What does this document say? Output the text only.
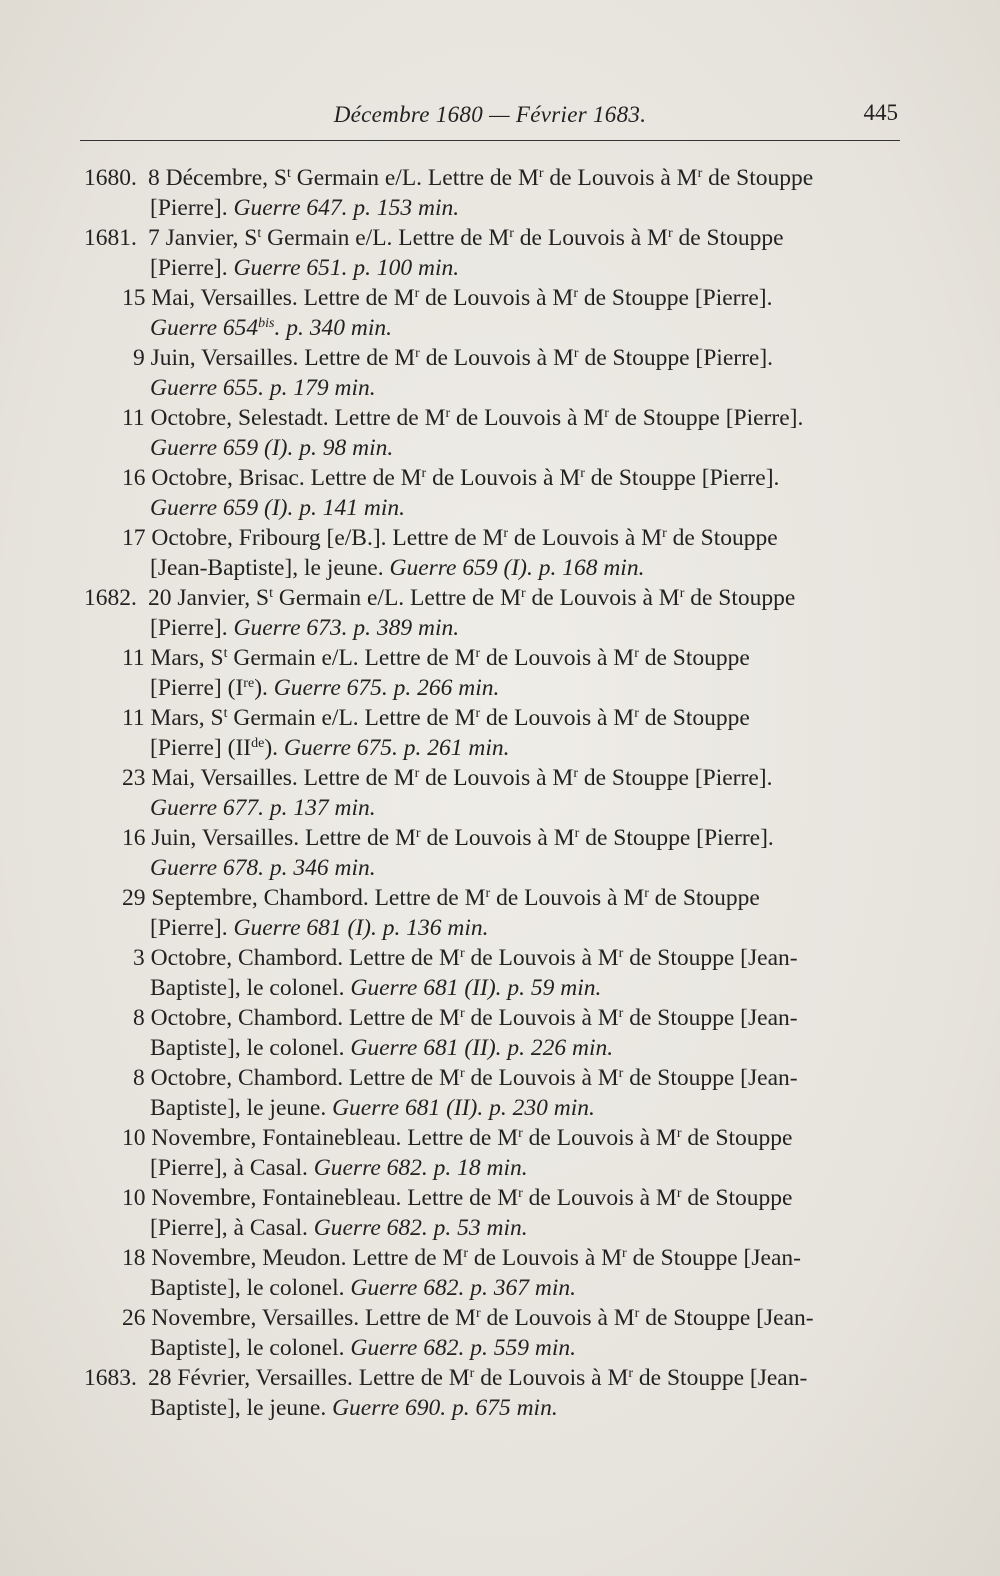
Décembre 1680 — Février 1683.	445
1680. 8 Décembre, $S^t$ Germain e/L. Lettre de $M^r$ de Louvois à $M^r$ de Stouppe
[Pierre]. Guerre 647. p. 153 min.
1681. 7 Janvier, $S^t$ Germain e/L. Lettre de $M^r$ de Louvois à $M^r$ de Stouppe
[Pierre]. Guerre 651. p. 100 min.
15 Mai, Versailles. Lettre de $M^r$ de Louvois à $M^r$ de Stouppe [Pierre].
Guerre $654^{bis}$. p. 340 min.
9 Juin, Versailles. Lettre de $M^r$ de Louvois à $M^r$ de Stouppe [Pierre].
Guerre 655. p. 179 min.
11 Octobre, Selestadt. Lettre de $M^r$ de Louvois à $M^r$ de Stouppe [Pierre].
Guerre 659 (I). p. 98 min.
16 Octobre, Brisac. Lettre de $M^r$ de Louvois à $M^r$ de Stouppe [Pierre].
Guerre 659 (I). p. 141 min.
17 Octobre, Fribourg [e/B.]. Lettre de $M^r$ de Louvois à $M^r$ de Stouppe
[Jean-Baptiste], le jeune. Guerre 659 (I). p. 168 min.
1682. 20 Janvier, $S^t$ Germain e/L. Lettre de $M^r$ de Louvois à $M^r$ de Stouppe
[Pierre]. Guerre 673. p. 389 min.
11 Mars, $S^t$ Germain e/L. Lettre de $M^r$ de Louvois à $M^r$ de Stouppe
[Pierre] (Ire). Guerre 675. p. 266 min.
11 Mars, $S^t$ Germain e/L. Lettre de $M^r$ de Louvois à $M^r$ de Stouppe
[Pierre] (IIde). Guerre 675. p. 261 min.
23 Mai, Versailles. Lettre de $M^r$ de Louvois à $M^r$ de Stouppe [Pierre].
Guerre 677. p. 137 min.
16 Juin, Versailles. Lettre de $M^r$ de Louvois à $M^r$ de Stouppe [Pierre].
Guerre 678. p. 346 min.
29 Septembre, Chambord. Lettre de $M^r$ de Louvois à $M^r$ de Stouppe
[Pierre]. Guerre 681 (I). p. 136 min.
3 Octobre, Chambord. Lettre de $M^r$ de Louvois à $M^r$ de Stouppe [Jean-
Baptiste], le colonel. Guerre 681 (II). p. 59 min.
8 Octobre, Chambord. Lettre de $M^r$ de Louvois à $M^r$ de Stouppe [Jean-
Baptiste], le colonel. Guerre 681 (II). p. 226 min.
8 Octobre, Chambord. Lettre de $M^r$ de Louvois à $M^r$ de Stouppe [Jean-
Baptiste], le jeune. Guerre 681 (II). p. 230 min.
10 Novembre, Fontainebleau. Lettre de $M^r$ de Louvois à $M^r$ de Stouppe
[Pierre], à Casal. Guerre 682. p. 18 min.
10 Novembre, Fontainebleau. Lettre de $M^r$ de Louvois à $M^r$ de Stouppe
[Pierre], à Casal. Guerre 682. p. 53 min.
18 Novembre, Meudon. Lettre de $M^r$ de Louvois à $M^r$ de Stouppe [Jean-
Baptiste], le colonel. Guerre 682. p. 367 min.
26 Novembre, Versailles. Lettre de $M^r$ de Louvois à $M^r$ de Stouppe [Jean-
Baptiste], le colonel. Guerre 682. p. 559 min.
1683. 28 Février, Versailles. Lettre de $M^r$ de Louvois à $M^r$ de Stouppe [Jean-
Baptiste], le jeune. Guerre 690. p. 675 min.
